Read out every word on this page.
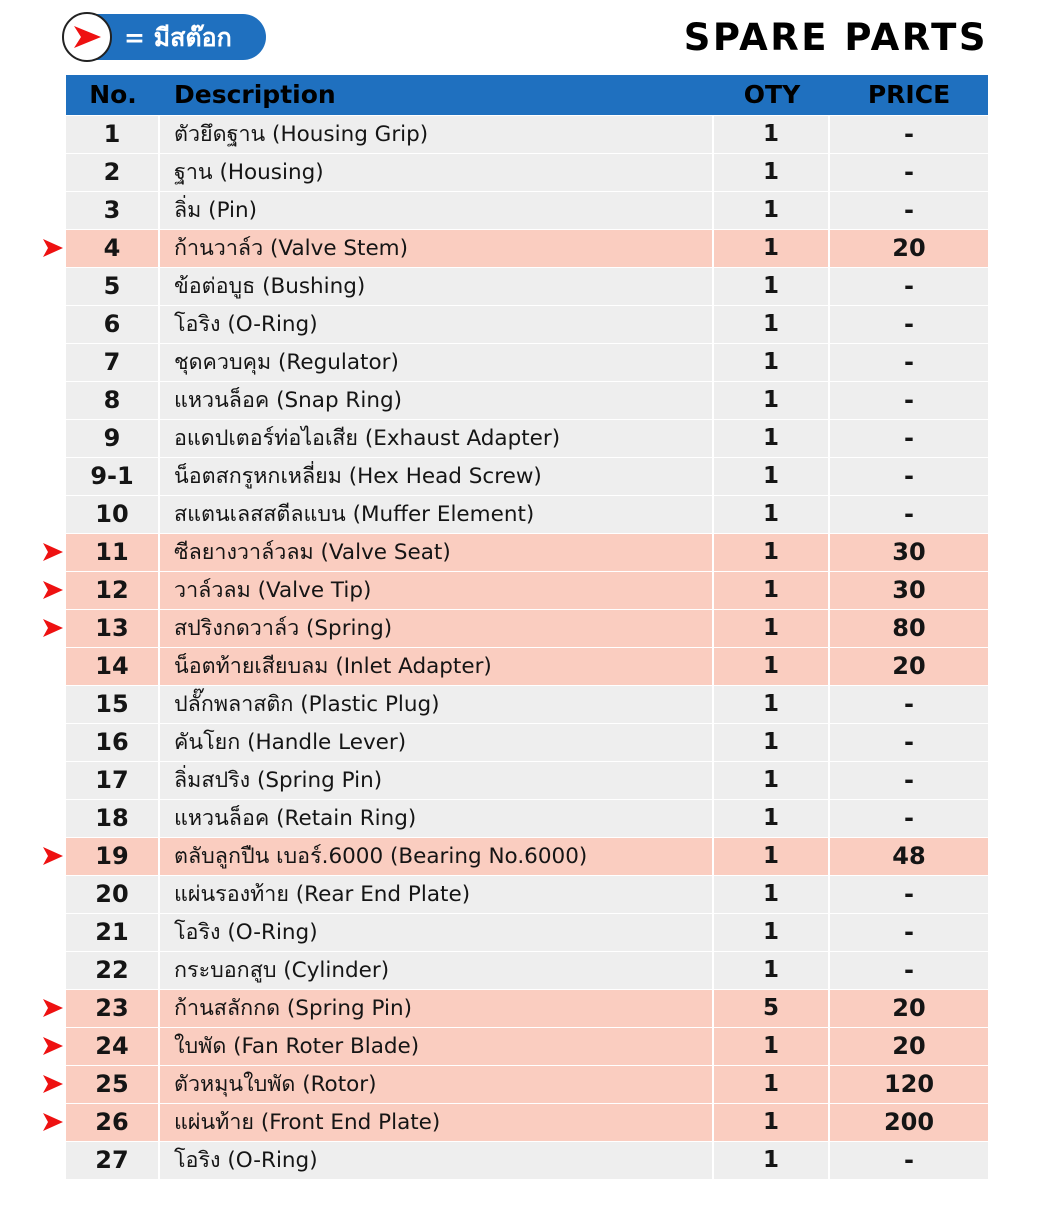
= มีสต๊อก	SPARE PARTS
No.	Description	OTY	PRICE
1	ตัวยึดฐาน (Housing Grip)	1	-
2	ฐาน (Housing)	1	-
3	ลิ่ม (Pin)	1	-
4	ก้านวาล์ว (Valve Stem)	1	20
5	ข้อต่อบูธ (Bushing)	1	-
6	โอริง (O-Ring)	1	-
7	ชุดควบคุม (Regulator)	1	-
8	แหวนล็อค (Snap Ring)	1	-
9	อแดปเตอร์ท่อไอเสีย (Exhaust Adapter)	1	-
9-1	น็อตสกรูหกเหลี่ยม (Hex Head Screw)	1	-
10	สแตนเลสสตีลแบน (Muffer Element)	1	-
11	ซีลยางวาล์วลม (Valve Seat)	1	30
12	วาล์วลม (Valve Tip)	1	30
13	สปริงกดวาล์ว (Spring)	1	80
14	น็อตท้ายเสียบลม (Inlet Adapter)	1	20
15	ปลั๊กพลาสติก (Plastic Plug)	1	-
16	คันโยก (Handle Lever)	1	-
17	ลิ่มสปริง (Spring Pin)	1	-
18	แหวนล็อค (Retain Ring)	1	-
19	ตลับลูกปืน เบอร์.6000 (Bearing No.6000)	1	48
20	แผ่นรองท้าย (Rear End Plate)	1	-
21	โอริง (O-Ring)	1	-
22	กระบอกสูบ (Cylinder)	1	-
23	ก้านสลักกด (Spring Pin)	5	20
24	ใบพัด (Fan Roter Blade)	1	20
25	ตัวหมุนใบพัด (Rotor)	1	120
26	แผ่นท้าย (Front End Plate)	1	200
27	โอริง (O-Ring)	1	-
